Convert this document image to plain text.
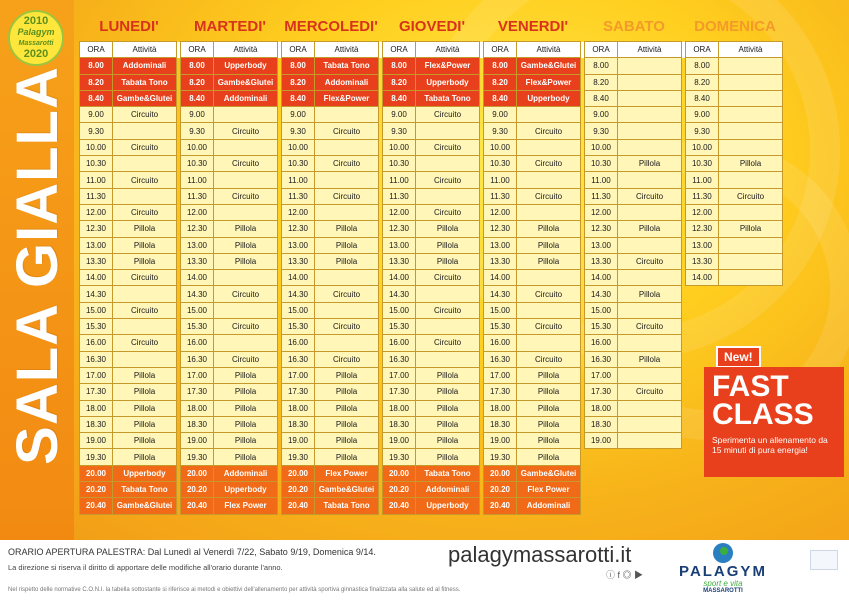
2010
Palagym
Massarotti
2020
SALA GIALLA
LUNEDI'	MARTEDI'	MERCOLEDI'	GIOVEDI'	VENERDI'	SABATO	DOMENICA
ORA	Attività		ORA	Attività		ORA	Attività		ORA	Attività		ORA	Attività		ORA	Attività		ORA	Attività
8.00	Addominali		8.00	Upperbody		8.00	Tabata Tono		8.00	Flex&Power		8.00	Gambe&Glutei		8.00			8.00	
8.20	Tabata Tono		8.20	Gambe&Glutei		8.20	Addominali		8.20	Upperbody		8.20	Flex&Power		8.20			8.20	
8.40	Gambe&Glutei		8.40	Addominali		8.40	Flex&Power		8.40	Tabata Tono		8.40	Upperbody		8.40			8.40	
9.00	Circuito		9.00			9.00			9.00	Circuito		9.00			9.00			9.00	
9.30			9.30	Circuito		9.30	Circuito		9.30			9.30	Circuito		9.30			9.30	
10.00	Circuito		10.00			10.00			10.00	Circuito		10.00			10.00			10.00	
10.30			10.30	Circuito		10.30	Circuito		10.30			10.30	Circuito		10.30	Pillola		10.30	Pillola
11.00	Circuito		11.00			11.00			11.00	Circuito		11.00			11.00			11.00	
11.30			11.30	Circuito		11.30	Circuito		11.30			11.30	Circuito		11.30	Circuito		11.30	Circuito
12.00	Circuito		12.00			12.00			12.00	Circuito		12.00			12.00			12.00	
12.30	Pillola		12.30	Pillola		12.30	Pillola		12.30	Pillola		12.30	Pillola		12.30	Pillola		12.30	Pillola
13.00	Pillola		13.00	Pillola		13.00	Pillola		13.00	Pillola		13.00	Pillola		13.00			13.00	
13.30	Pillola		13.30	Pillola		13.30	Pillola		13.30	Pillola		13.30	Pillola		13.30	Circuito		13.30	
14.00	Circuito		14.00			14.00			14.00	Circuito		14.00			14.00			14.00	
14.30			14.30	Circuito		14.30	Circuito		14.30			14.30	Circuito		14.30	Pillola			
15.00	Circuito		15.00			15.00			15.00	Circuito		15.00			15.00				
15.30			15.30	Circuito		15.30	Circuito		15.30			15.30	Circuito		15.30	Circuito			
16.00	Circuito		16.00			16.00			16.00	Circuito		16.00			16.00				
16.30			16.30	Circuito		16.30	Circuito		16.30			16.30	Circuito		16.30	Pillola			
17.00	Pillola		17.00	Pillola		17.00	Pillola		17.00	Pillola		17.00	Pillola		17.00				
17.30	Pillola		17.30	Pillola		17.30	Pillola		17.30	Pillola		17.30	Pillola		17.30	Circuito			
18.00	Pillola		18.00	Pillola		18.00	Pillola		18.00	Pillola		18.00	Pillola		18.00				
18.30	Pillola		18.30	Pillola		18.30	Pillola		18.30	Pillola		18.30	Pillola		18.30				
19.00	Pillola		19.00	Pillola		19.00	Pillola		19.00	Pillola		19.00	Pillola		19.00				
19.30	Pillola		19.30	Pillola		19.30	Pillola		19.30	Pillola		19.30	Pillola						
20.00	Upperbody		20.00	Addominali		20.00	Flex Power		20.00	Tabata Tono		20.00	Gambe&Glutei						
20.20	Tabata Tono		20.20	Upperbody		20.20	Gambe&Glutei		20.20	Addominali		20.20	Flex Power						
20.40	Gambe&Glutei		20.40	Flex Power		20.40	Tabata Tono		20.40	Upperbody		20.40	Addominali						
New!
FAST
CLASS
Sperimenta un allenamento da 15 minuti di pura energia!
ORARIO APERTURA PALESTRA: Dal Lunedì al Venerdì 7/22, Sabato 9/19, Domenica 9/14.
La direzione si riserva il diritto di apportare delle modifiche all'orario durante l'anno.
Nel rispetto delle normative C.O.N.I. la tabella sottostante si riferisce ai metodi e obiettivi dell'allenamento per attività sportiva ginnastica finalizzata alla salute ed al fitness.
palagymassarotti.it
ⓘ f ◎ ▶	PALAGYM
sport e vita
MASSAROTTI
